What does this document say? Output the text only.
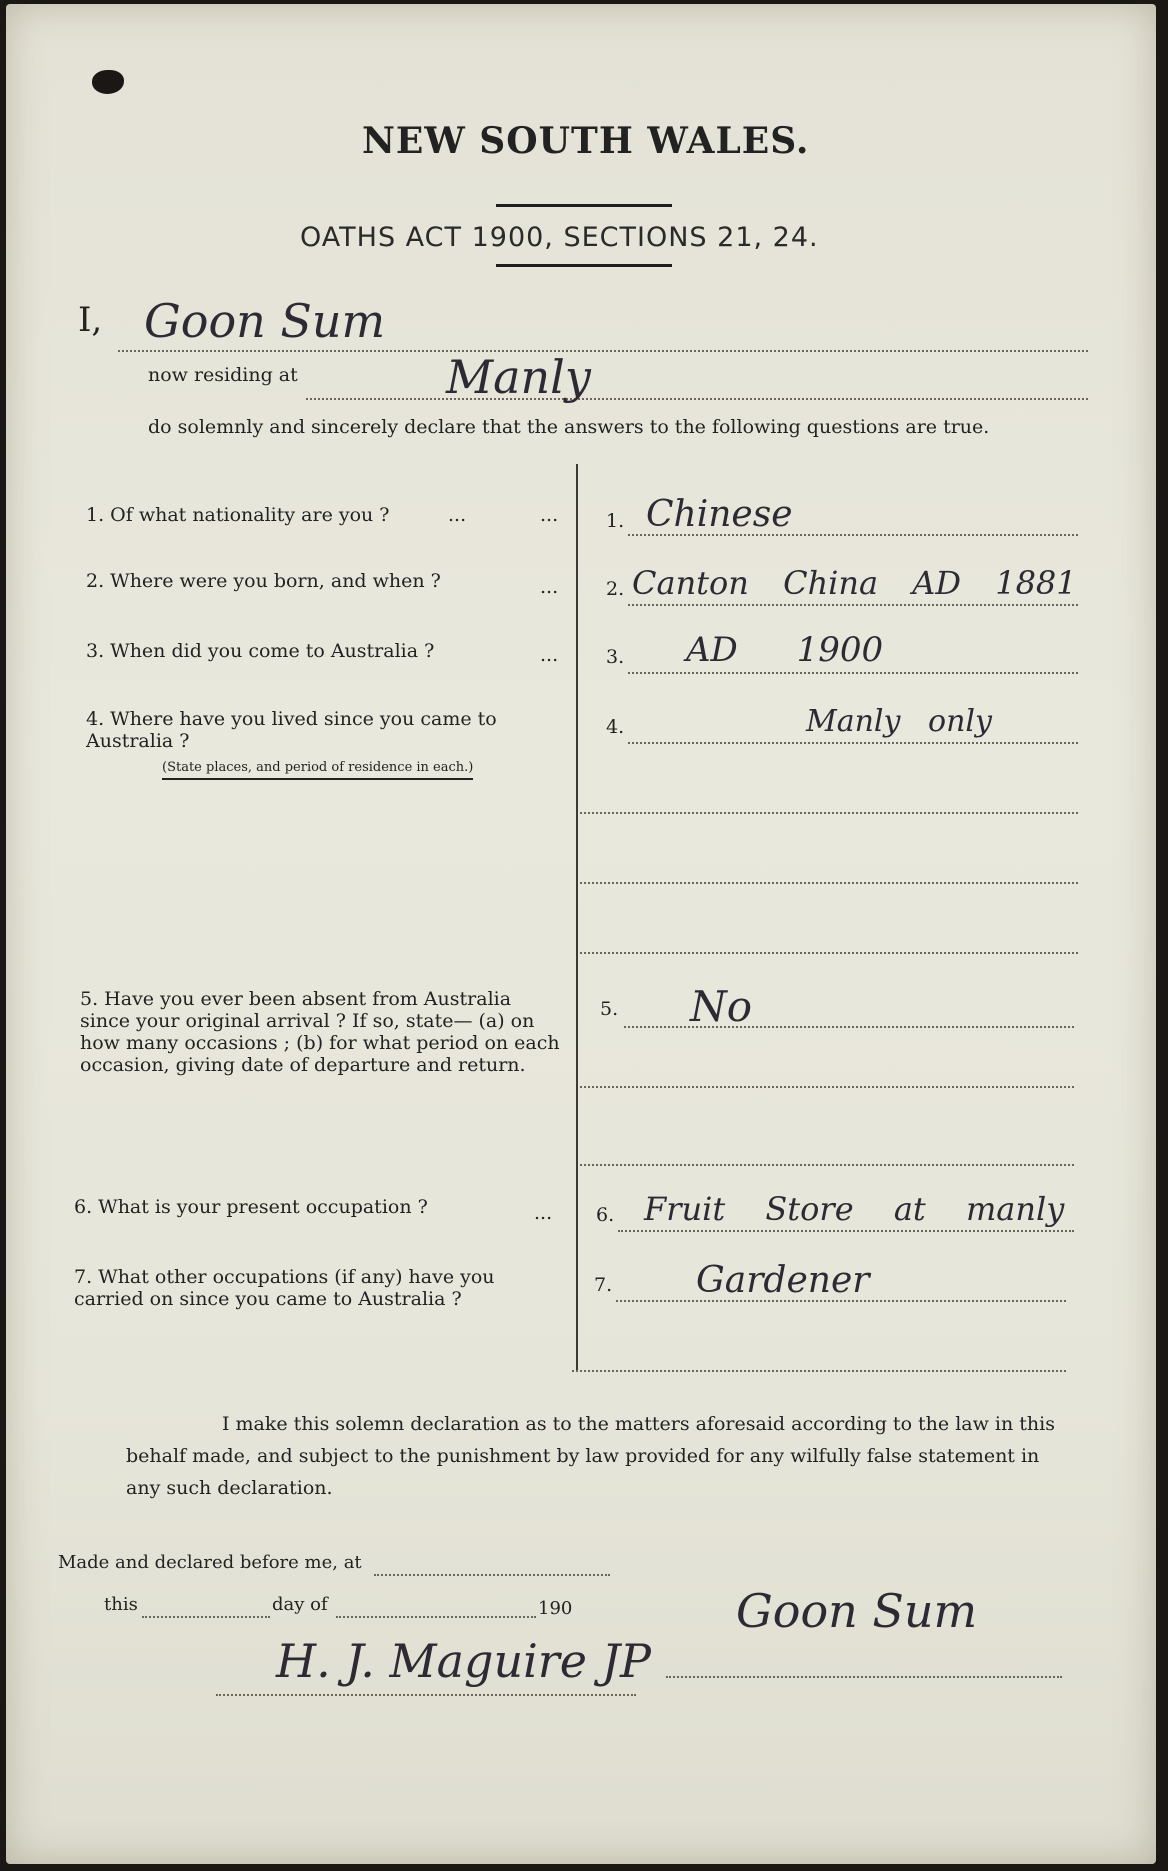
NEW SOUTH WALES.
OATHS ACT 1900, SECTIONS 21, 24.
I, Goon Sum
now residing at	Manly
do solemnly and sincerely declare that the answers to the following questions are true.
1. Of what nationality are you ?	...	...	1. Chinese
2. Where were you born, and when ?	...	2. Canton China AD 1881
3. When did you come to Australia ?	...	3. AD 1900
4. Where have you lived since you came to Australia ?
(State places, and period of residence in each.)
4.	Manly only
5. Have you ever been absent from Australia since your original arrival ? If so, state— (a) on how many occasions ; (b) for what period on each occasion, giving date of departure and return.
5. No
6. What is your present occupation ?	... 6. Fruit Store at manly
7. What other occupations (if any) have you carried on since you came to Australia ?
7. Gardener
I make this solemn declaration as to the matters aforesaid according to the law in this behalf made, and subject to the punishment by law provided for any wilfully false statement in any such declaration.
Made and declared before me, at
this	day of	190
H. J. Maguire JP
Goon Sum
